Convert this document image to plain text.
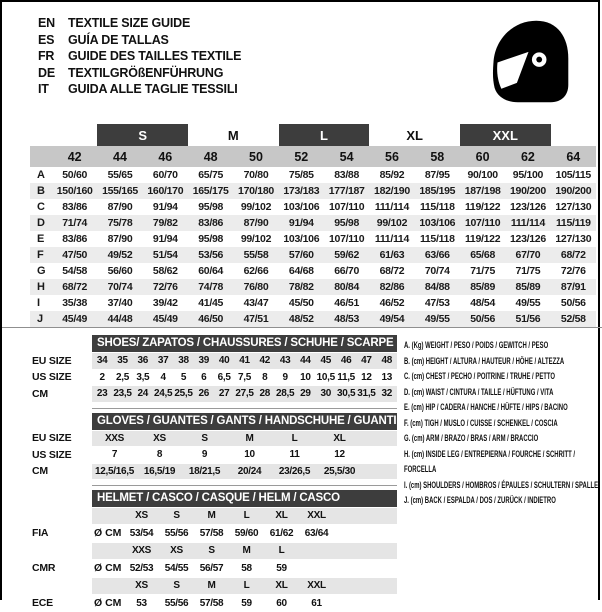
EN	TEXTILE SIZE GUIDE
ES	GUÍA DE TALLAS
FR	GUIDE DES TAILLES TEXTILE
DE	TEXTILGRÖßENFÜHRUNG
IT	GUIDA ALLE TAGLIE TESSILI
		S		M		L		XL		XXL		
	42	44	46	48	50	52	54	56	58	60	62	64
A	50/60	55/65	60/70	65/75	70/80	75/85	83/88	85/92	87/95	90/100	95/100	105/115
B	150/160	155/165	160/170	165/175	170/180	173/183	177/187	182/190	185/195	187/198	190/200	190/200
C	83/86	87/90	91/94	95/98	99/102	103/106	107/110	111/114	115/118	119/122	123/126	127/130
D	71/74	75/78	79/82	83/86	87/90	91/94	95/98	99/102	103/106	107/110	111/114	115/119
E	83/86	87/90	91/94	95/98	99/102	103/106	107/110	111/114	115/118	119/122	123/126	127/130
F	47/50	49/52	51/54	53/56	55/58	57/60	59/62	61/63	63/66	65/68	67/70	68/72
G	54/58	56/60	58/62	60/64	62/66	64/68	66/70	68/72	70/74	71/75	71/75	72/76
H	68/72	70/74	72/76	74/78	76/80	78/82	80/84	82/86	84/88	85/89	85/89	87/91
I	35/38	37/40	39/42	41/45	43/47	45/50	46/51	46/52	47/53	48/54	49/55	50/56
J	45/49	44/48	45/49	46/50	47/51	48/52	48/53	49/54	49/55	50/56	51/56	52/58
SHOES/ ZAPATOS / CHAUSSURES / SCHUHE / SCARPE
EU SIZE	34 35 36 37 38 39 40 41 42 43 44 45 46 47 48
US SIZE	2	2,5 3,5	4	5	6	6,5 7,5	8	9	10 10,5 11,5 12 13
CM	23 23,5 24 24,5 25,5 26 27 27,5 28 28,5 29 30 30,5 31,5 32
GLOVES / GUANTES / GANTS / HANDSCHUHE / GUANTI
EU SIZE	XXS	XS	S	M	L	XL
US SIZE	7	8	9	10	11	12
CM	12,5/16,5 16,5/19	18/21,5	20/24	23/26,5	25,5/30
HELMET / CASCO / CASQUE / HELM / CASCO
XS	S	M	L	XL	XXL
FIA	Ø CM 53/54	55/56	57/58	59/60	61/62	63/64
XXS	XS	S	M	L
CMR	Ø CM 52/53	54/55	56/57	58	59
XS	S	M	L	XL	XXL
ECE	Ø CM	53	55/56	57/58	59	60	61
A. (Kg) WEIGHT / PESO / POIDS / GEWITCH / PESO
B. (cm) HEIGHT / ALTURA / HAUTEUR / HÖHE / ALTEZZA
C. (cm) CHEST / PECHO / POITRINE / TRUHE / PETTO
D. (cm) WAIST / CINTURA / TAILLE / HÜFTUNG / VITA
E. (cm) HIP / CADERA / HANCHE / HÜFTE / HIPS / BACINO
F. (cm) TIGH / MUSLO / CUISSE / SCHENKEL / COSCIA
G. (cm) ARM / BRAZO / BRAS / ARM / BRACCIO
H. (cm) INSIDE LEG / ENTREPIERNA / FOURCHE / SCHRITT / FORCELLA
I. (cm) SHOULDERS / HOMBROS / ÉPAULES / SCHULTERN / SPALLE
J. (cm) BACK / ESPALDA / DOS / ZURÜCK / INDIETRO
